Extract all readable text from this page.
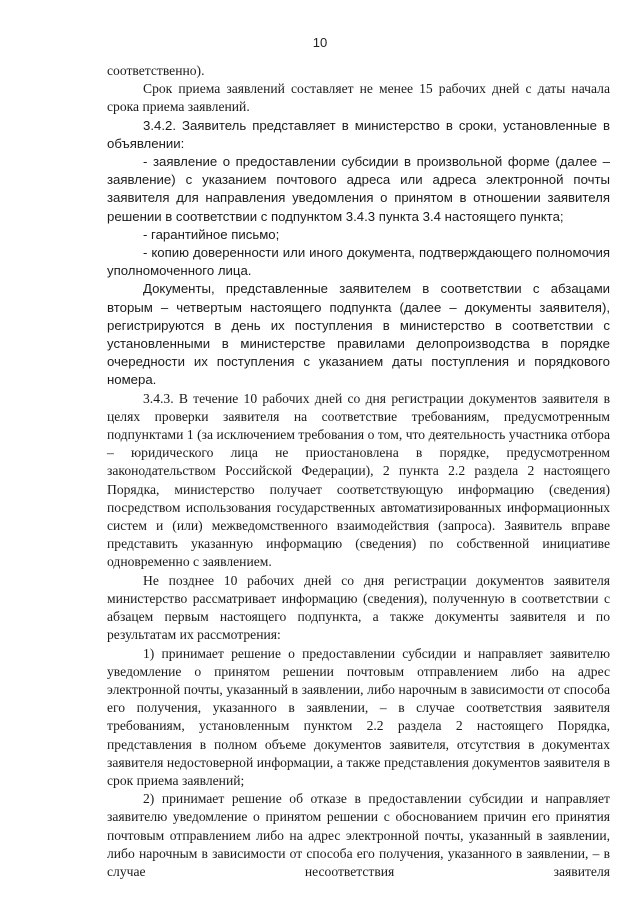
10

соответственно).

Срок приема заявлений составляет не менее 15 рабочих дней с даты начала срока приема заявлений.

3.4.2. Заявитель представляет в министерство в сроки, установленные в объявлении:

- заявление о предоставлении субсидии в произвольной форме (далее – заявление) с указанием почтового адреса или адреса электронной почты заявителя для направления уведомления о принятом в отношении заявителя решении в соответствии с подпунктом 3.4.3 пункта 3.4 настоящего пункта;

- гарантийное письмо;

- копию доверенности или иного документа, подтверждающего полномочия уполномоченного лица.

Документы, представленные заявителем в соответствии с абзацами вторым – четвертым настоящего подпункта (далее – документы заявителя), регистрируются в день их поступления в министерство в соответствии с установленными в министерстве правилами делопроизводства в порядке очередности их поступления с указанием даты поступления и порядкового номера.

3.4.3. В течение 10 рабочих дней со дня регистрации документов заявителя в целях проверки заявителя на соответствие требованиям, предусмотренным подпунктами 1 (за исключением требования о том, что деятельность участника отбора – юридического лица не приостановлена в порядке, предусмотренном законодательством Российской Федерации), 2 пункта 2.2 раздела 2 настоящего Порядка, министерство получает соответствующую информацию (сведения) посредством использования государственных автоматизированных информационных систем и (или) межведомственного взаимодействия (запроса). Заявитель вправе представить указанную информацию (сведения) по собственной инициативе одновременно с заявлением.

Не позднее 10 рабочих дней со дня регистрации документов заявителя министерство рассматривает информацию (сведения), полученную в соответствии с абзацем первым настоящего подпункта, а также документы заявителя и по результатам их рассмотрения:

1) принимает решение о предоставлении субсидии и направляет заявителю уведомление о принятом решении почтовым отправлением либо на адрес электронной почты, указанный в заявлении, либо нарочным в зависимости от способа его получения, указанного в заявлении, – в случае соответствия заявителя требованиям, установленным пунктом 2.2 раздела 2 настоящего Порядка, представления в полном объеме документов заявителя, отсутствия в документах заявителя недостоверной информации, а также представления документов заявителя в срок приема заявлений;

2) принимает решение об отказе в предоставлении субсидии и направляет заявителю уведомление о принятом решении с обоснованием причин его принятия почтовым отправлением либо на адрес электронной почты, указанный в заявлении, либо нарочным в зависимости от способа его получения, указанного в заявлении, – в случае несоответствия заявителя
